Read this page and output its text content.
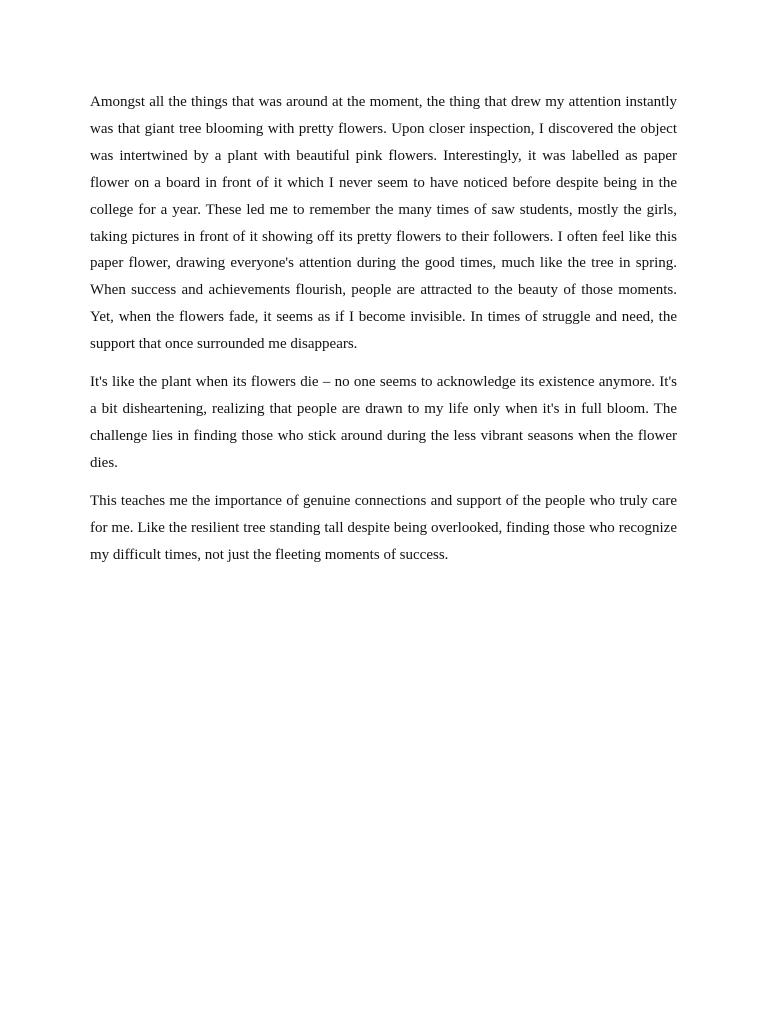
Amongst all the things that was around at the moment, the thing that drew my attention instantly was that giant tree blooming with pretty flowers. Upon closer inspection, I discovered the object was intertwined by a plant with beautiful pink flowers. Interestingly, it was labelled as paper flower on a board in front of it which I never seem to have noticed before despite being in the college for a year. These led me to remember the many times of saw students, mostly the girls, taking pictures in front of it showing off its pretty flowers to their followers. I often feel like this paper flower, drawing everyone's attention during the good times, much like the tree in spring. When success and achievements flourish, people are attracted to the beauty of those moments. Yet, when the flowers fade, it seems as if I become invisible. In times of struggle and need, the support that once surrounded me disappears.

It's like the plant when its flowers die – no one seems to acknowledge its existence anymore. It's a bit disheartening, realizing that people are drawn to my life only when it's in full bloom. The challenge lies in finding those who stick around during the less vibrant seasons when the flower dies.

This teaches me the importance of genuine connections and support of the people who truly care for me. Like the resilient tree standing tall despite being overlooked, finding those who recognize my difficult times, not just the fleeting moments of success.
